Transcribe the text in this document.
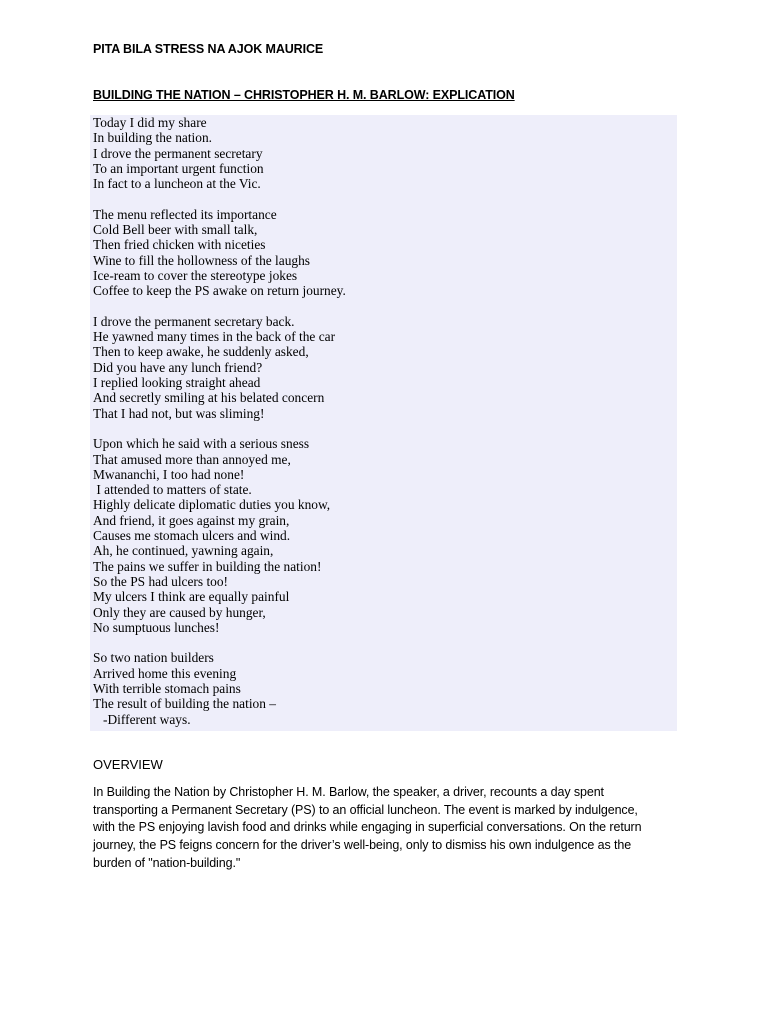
PITA BILA STRESS NA AJOK MAURICE
BUILDING THE NATION – CHRISTOPHER H. M. BARLOW: EXPLICATION
Today I did my share
In building the nation.
I drove the permanent secretary
To an important urgent function
In fact to a luncheon at the Vic.
The menu reflected its importance
Cold Bell beer with small talk,
Then fried chicken with niceties
Wine to fill the hollowness of the laughs
Ice-ream to cover the stereotype jokes
Coffee to keep the PS awake on return journey.
I drove the permanent secretary back.
He yawned many times in the back of the car
Then to keep awake, he suddenly asked,
Did you have any lunch friend?
I replied looking straight ahead
And secretly smiling at his belated concern
That I had not, but was sliming!
Upon which he said with a serious sness
That amused more than annoyed me,
Mwananchi, I too had none!
I attended to matters of state.
Highly delicate diplomatic duties you know,
And friend, it goes against my grain,
Causes me stomach ulcers and wind.
Ah, he continued, yawning again,
The pains we suffer in building the nation!
So the PS had ulcers too!
My ulcers I think are equally painful
Only they are caused by hunger,
No sumptuous lunches!
So two nation builders
Arrived home this evening
With terrible stomach pains
The result of building the nation –
-Different ways.
OVERVIEW
In Building the Nation by Christopher H. M. Barlow, the speaker, a driver, recounts a day spent
transporting a Permanent Secretary (PS) to an official luncheon. The event is marked by indulgence,
with the PS enjoying lavish food and drinks while engaging in superficial conversations. On the return
journey, the PS feigns concern for the driver’s well-being, only to dismiss his own indulgence as the
burden of "nation-building."
